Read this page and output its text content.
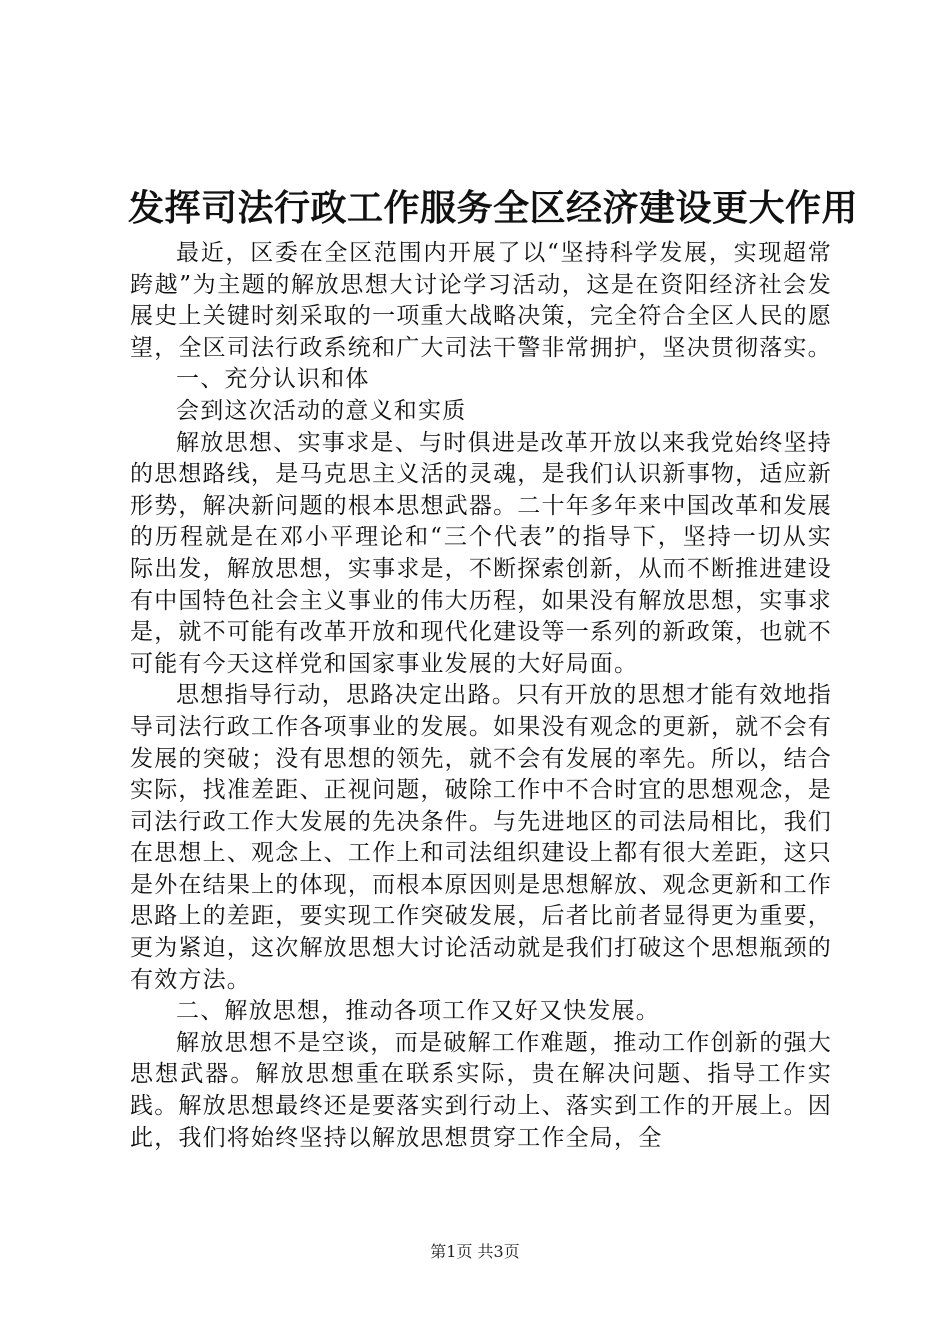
发挥司法行政工作服务全区经济建设更大作用

最近，区委在全区范围内开展了以“坚持科学发展，实现超常跨越”为主题的解放思想大讨论学习活动，这是在资阳经济社会发展史上关键时刻采取的一项重大战略决策，完全符合全区人民的愿望，全区司法行政系统和广大司法干警非常拥护，坚决贯彻落实。

一、充分认识和体

会到这次活动的意义和实质

解放思想、实事求是、与时俱进是改革开放以来我党始终坚持的思想路线，是马克思主义活的灵魂，是我们认识新事物，适应新形势，解决新问题的根本思想武器。二十年多年来中国改革和发展的历程就是在邓小平理论和“三个代表”的指导下，坚持一切从实际出发，解放思想，实事求是，不断探索创新，从而不断推进建设有中国特色社会主义事业的伟大历程，如果没有解放思想，实事求是，就不可能有改革开放和现代化建设等一系列的新政策，也就不可能有今天这样党和国家事业发展的大好局面。

思想指导行动，思路决定出路。只有开放的思想才能有效地指导司法行政工作各项事业的发展。如果没有观念的更新，就不会有发展的突破；没有思想的领先，就不会有发展的率先。所以，结合实际，找准差距、正视问题，破除工作中不合时宜的思想观念，是司法行政工作大发展的先决条件。与先进地区的司法局相比，我们在思想上、观念上、工作上和司法组织建设上都有很大差距，这只是外在结果上的体现，而根本原因则是思想解放、观念更新和工作思路上的差距，要实现工作突破发展，后者比前者显得更为重要，更为紧迫，这次解放思想大讨论活动就是我们打破这个思想瓶颈的有效方法。

二、解放思想，推动各项工作又好又快发展。

解放思想不是空谈，而是破解工作难题，推动工作创新的强大思想武器。解放思想重在联系实际，贵在解决问题、指导工作实践。解放思想最终还是要落实到行动上、落实到工作的开展上。因此，我们将始终坚持以解放思想贯穿工作全局，全

第1页 共3页
